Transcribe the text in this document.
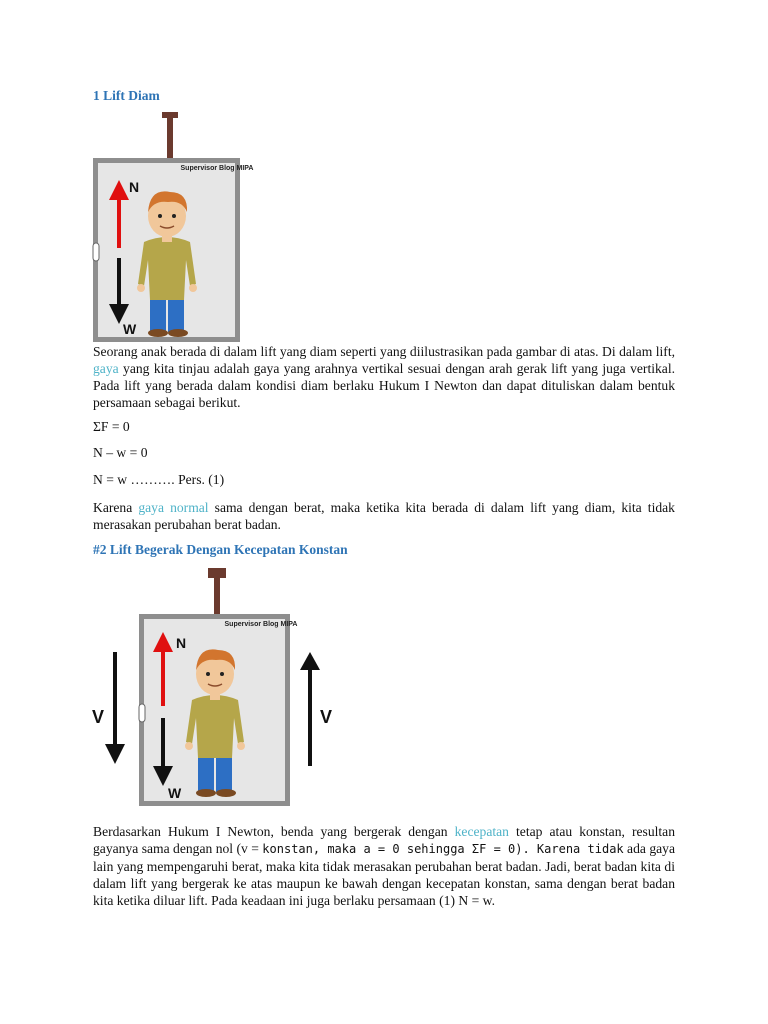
1 Lift Diam
Supervisor Blog MIPA
N
W

Seorang anak berada di dalam lift yang diam seperti yang diilustrasikan pada gambar di atas. Di dalam lift, gaya yang kita tinjau adalah gaya yang arahnya vertikal sesuai dengan arah gerak lift yang juga vertikal. Pada lift yang berada dalam kondisi diam berlaku Hukum I Newton dan dapat dituliskan dalam bentuk persamaan sebagai berikut.

ΣF = 0
N – w = 0
N = w ………. Pers. (1)

Karena gaya normal sama dengan berat, maka ketika kita berada di dalam lift yang diam, kita tidak merasakan perubahan berat badan.

#2 Lift Begerak Dengan Kecepatan Konstan
Supervisor Blog MIPA
V	V
N
W

Berdasarkan Hukum I Newton, benda yang bergerak dengan kecepatan tetap atau konstan, resultan gayanya sama dengan nol (v = konstan, maka a = 0 sehingga ΣF = 0). Karena tidak ada gaya lain yang mempengaruhi berat, maka kita tidak merasakan perubahan berat badan. Jadi, berat badan kita di dalam lift yang bergerak ke atas maupun ke bawah dengan kecepatan konstan, sama dengan berat badan kita ketika diluar lift. Pada keadaan ini juga berlaku persamaan (1) N = w.
